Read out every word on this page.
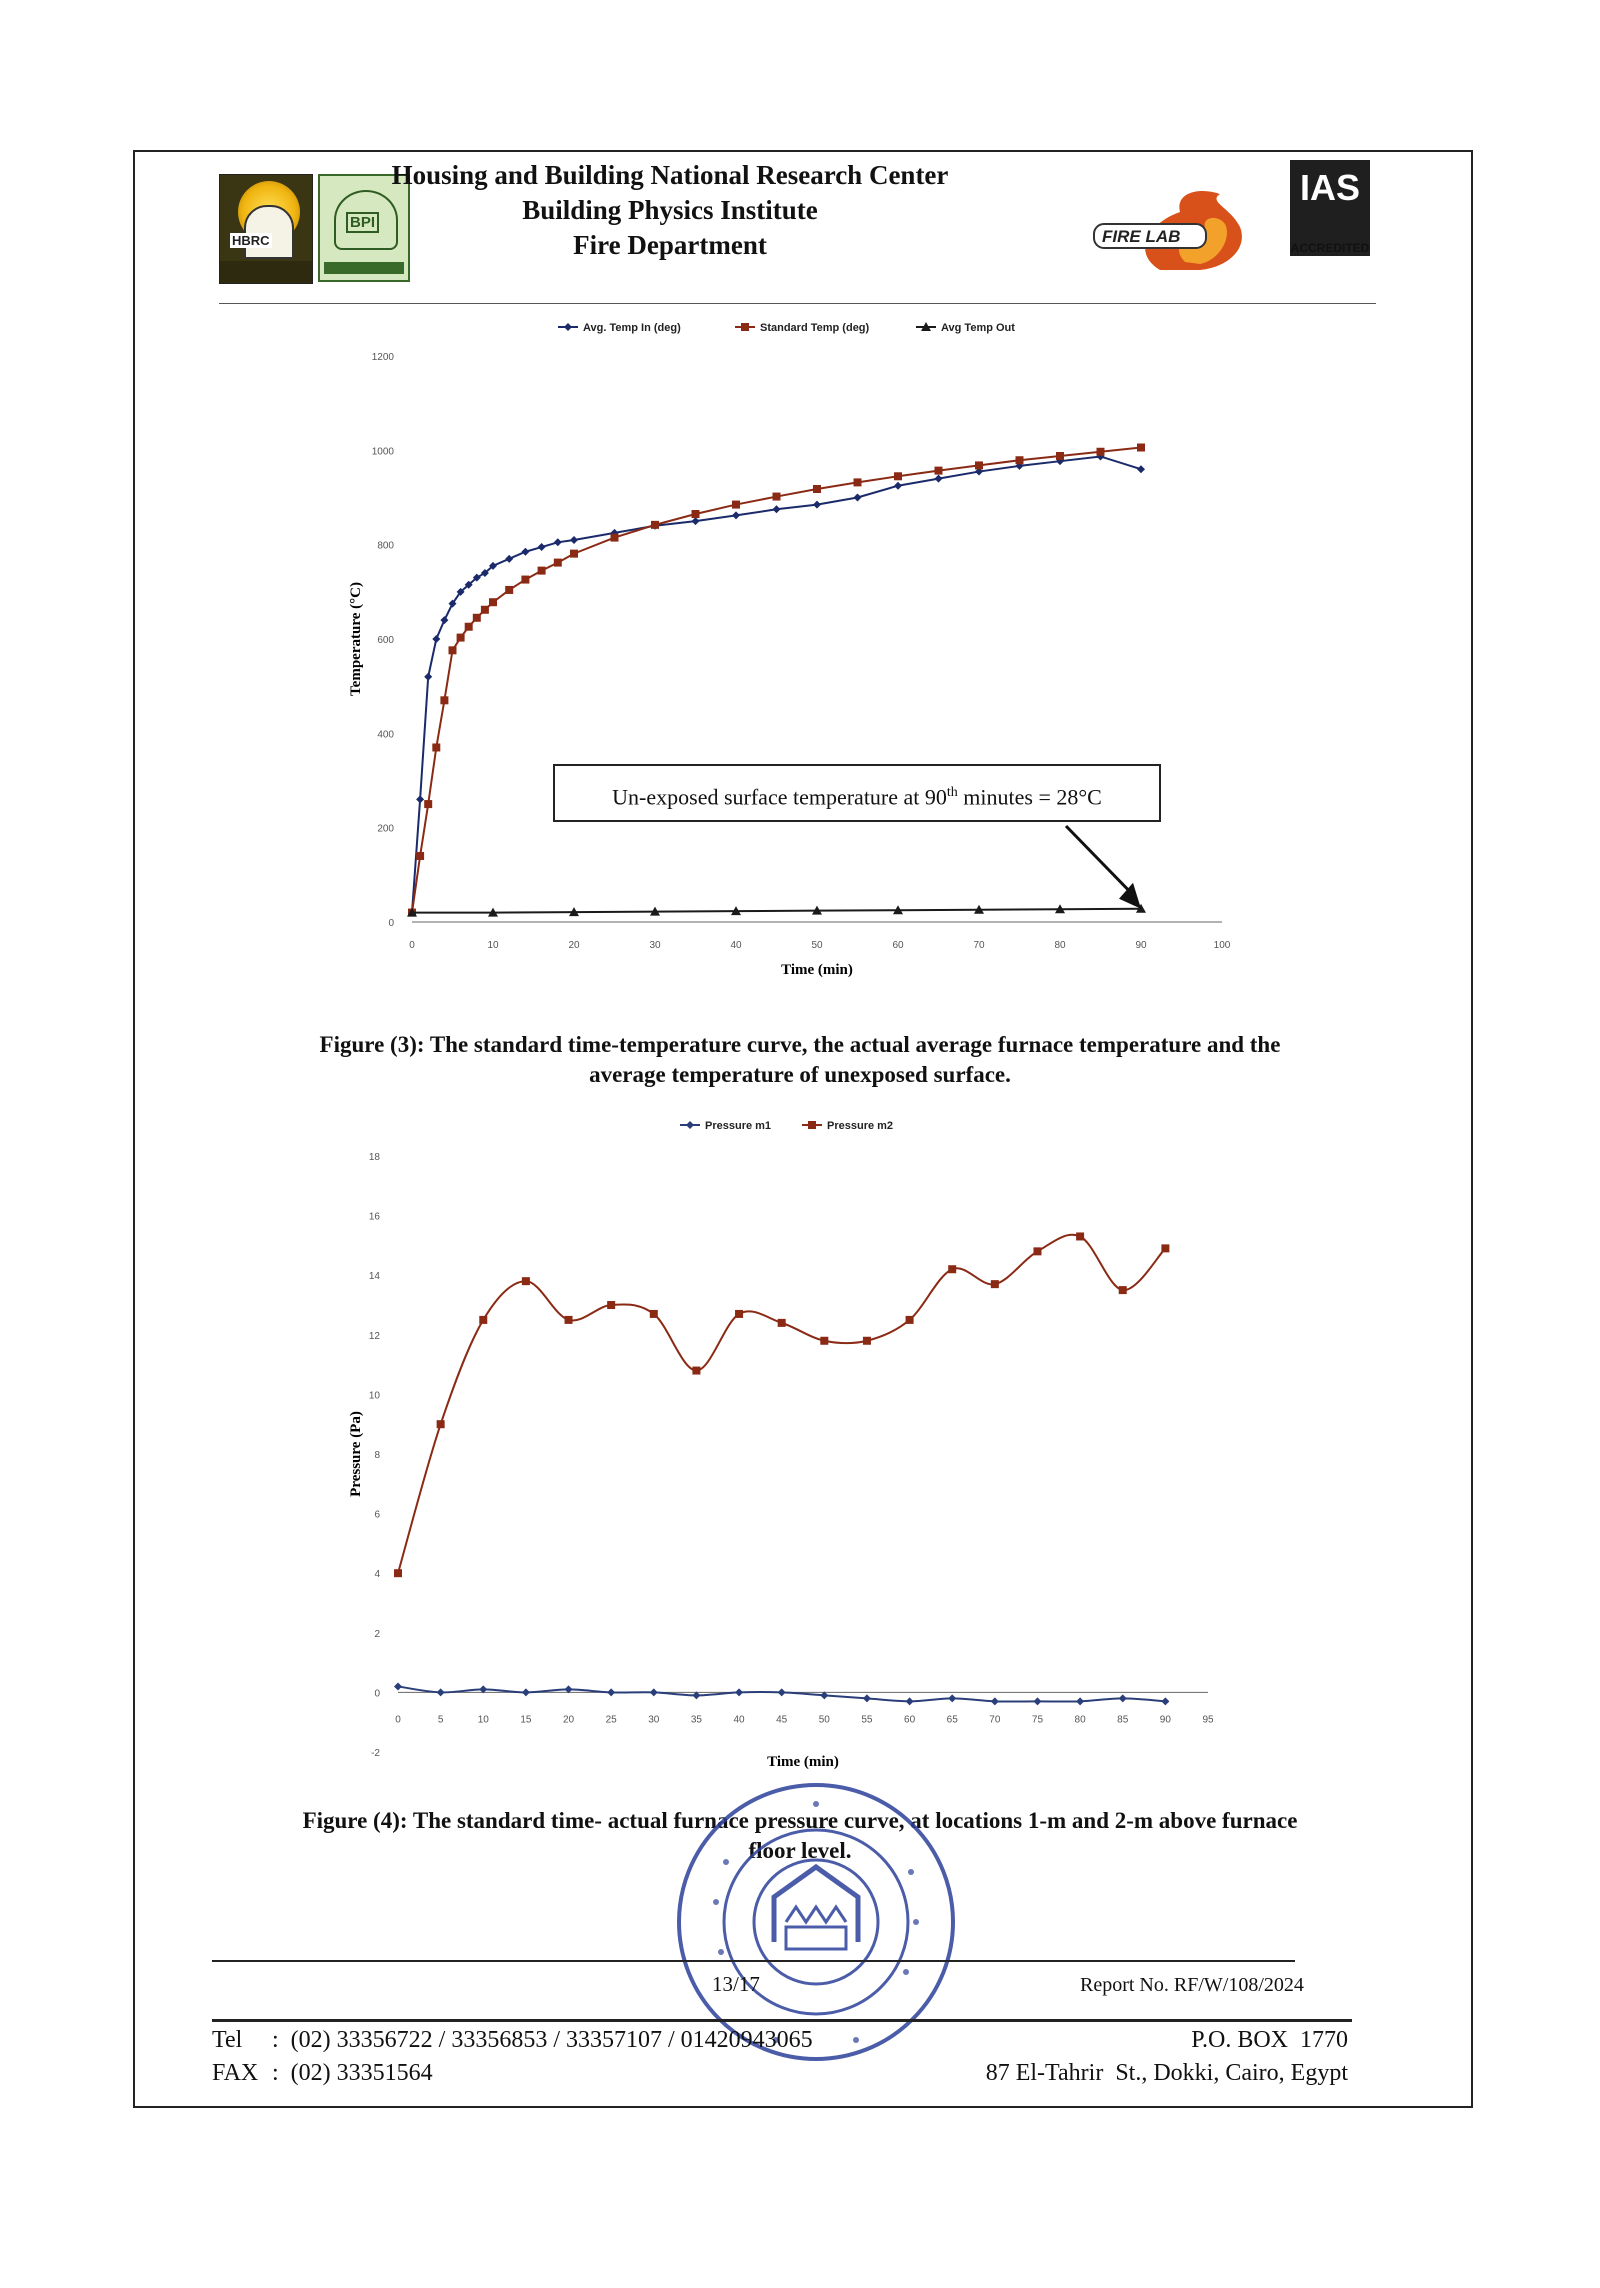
HBRC
BPI
Housing and Building National Research Center
Building Physics Institute
Fire Department	FIRE LAB
IAS
ACCREDITED
0
200
400
600
800
1000
1200
0	10	20	30	40	50	60	70	80	90	100
Time (min)
Temperature (°C)
Avg. Temp In (deg)	Standard Temp (deg)	Avg Temp Out
Un-exposed surface temperature at 90th minutes = 28°C
Figure (3): The standard time-temperature curve, the actual average furnace temperature and the
average temperature of unexposed surface.
-2
0
2
4
6
8
10
12
14
16
18
0	5	10	15	20	25	30	35	40	45	50	55	60	65	70	75	80	85	90	95
Time (min)
Pressure (Pa)
Pressure m1	Pressure m2
Figure (4): The standard time- actual furnace pressure curve, at locations 1-m and 2-m above furnace
floor level.
13/17	Report No. RF/W/108/2024
Tel :  (02) 33356722 / 33356853 / 33357107 / 01420943065
FAX :  (02) 33351564
P.O. BOX  1770
87 El-Tahrir  St., Dokki, Cairo, Egypt
